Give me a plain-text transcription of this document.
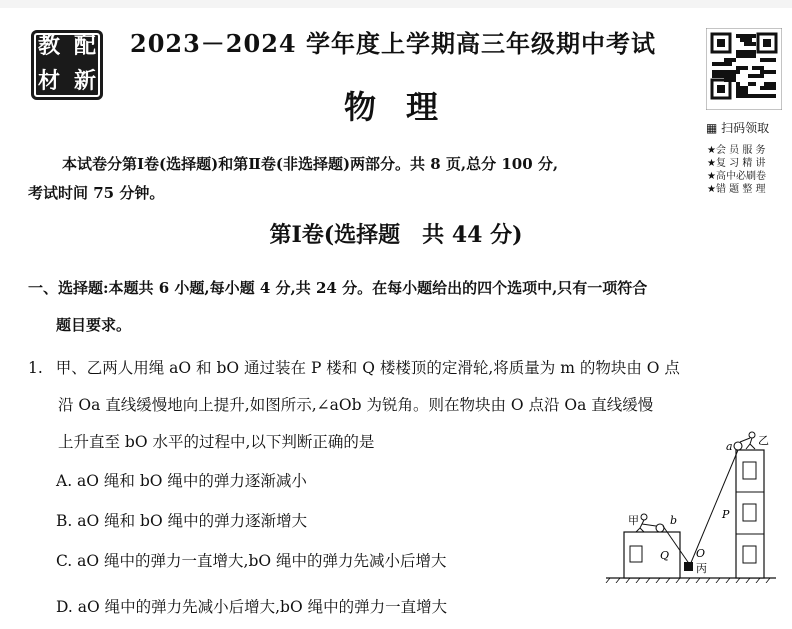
教 配
材 新
2023－2024 学年度上学期高三年级期中考试
物理
▦ 扫码领取
★会 员 服 务
★复 习 精 讲
★高中必刷卷
★错 题 整 理

本试卷分第Ⅰ卷(选择题)和第Ⅱ卷(非选择题)两部分。共 8 页,总分 100 分,

考试时间 75 分钟。

第Ⅰ卷(选择题　共 44 分)

一、选择题:本题共 6 小题,每小题 4 分,共 24 分。在每小题给出的四个选项中,只有一项符合

题目要求。

1. 甲、乙两人用绳 aO 和 bO 通过装在 P 楼和 Q 楼楼顶的定滑轮,将质量为 m 的物块由 O 点

沿 Oa 直线缓慢地向上提升,如图所示,∠aOb 为锐角。则在物块由 O 点沿 Oa 直线缓慢

上升直至 bO 水平的过程中,以下判断正确的是

A. aO 绳和 bO 绳中的弹力逐渐减小
B. aO 绳和 bO 绳中的弹力逐渐增大
C. aO 绳中的弹力一直增大,bO 绳中的弹力先减小后增大
D. aO 绳中的弹力先减小后增大,bO 绳中的弹力一直增大
Q
P
甲
乙
a
b
O
丙
